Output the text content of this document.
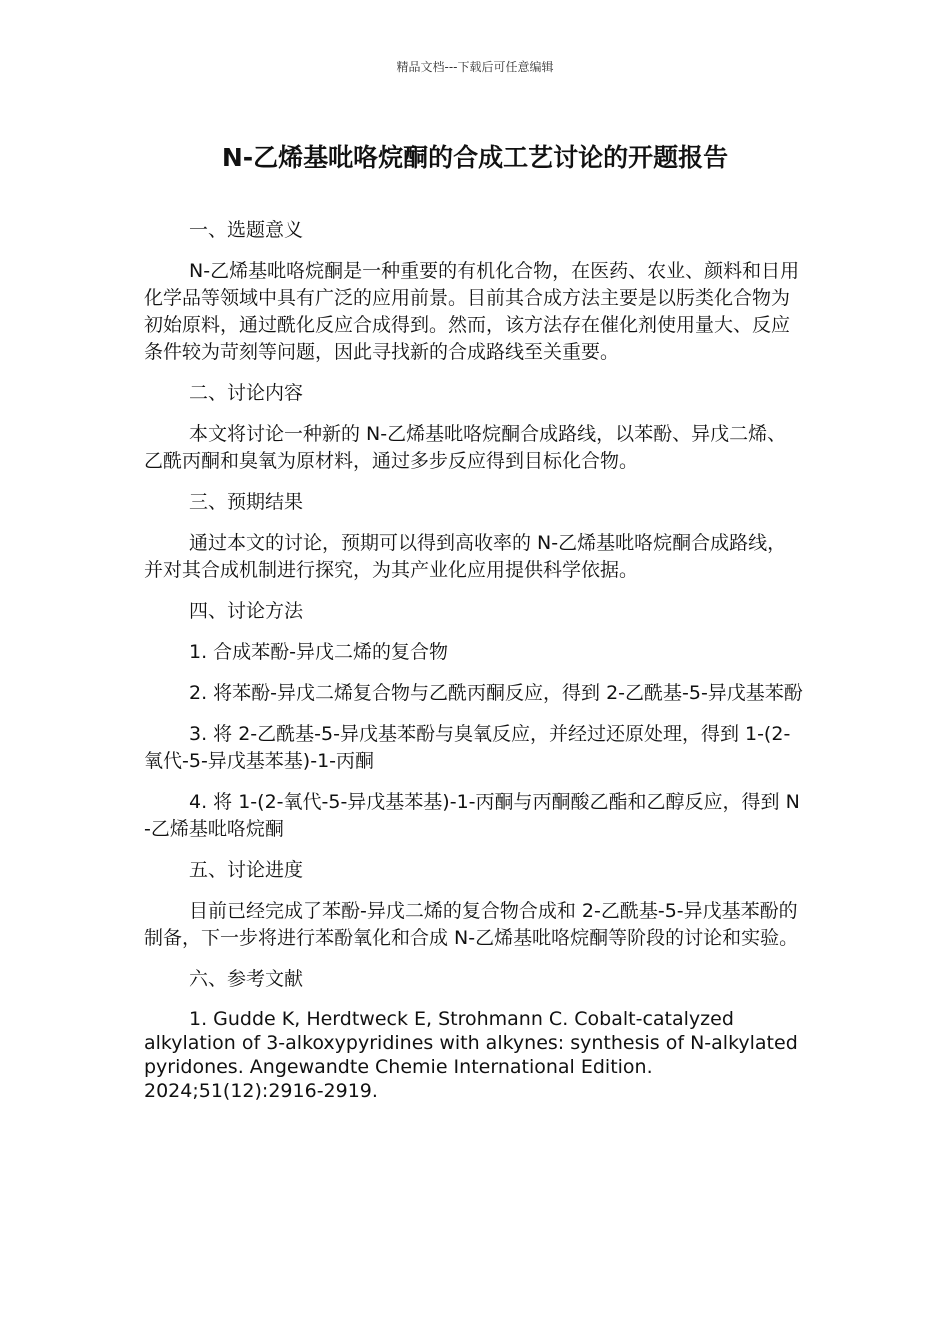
精品文档---下载后可任意编辑
N-乙烯基吡咯烷酮的合成工艺讨论的开题报告

一、选题意义

N-乙烯基吡咯烷酮是一种重要的有机化合物，在医药、农业、颜料和日用化学品等领域中具有广泛的应用前景。目前其合成方法主要是以肟类化合物为初始原料，通过酰化反应合成得到。然而，该方法存在催化剂使用量大、反应条件较为苛刻等问题，因此寻找新的合成路线至关重要。

二、讨论内容

本文将讨论一种新的 N-乙烯基吡咯烷酮合成路线，以苯酚、异戊二烯、乙酰丙酮和臭氧为原材料，通过多步反应得到目标化合物。

三、预期结果

通过本文的讨论，预期可以得到高收率的 N-乙烯基吡咯烷酮合成路线，并对其合成机制进行探究，为其产业化应用提供科学依据。

四、讨论方法

1. 合成苯酚-异戊二烯的复合物

2. 将苯酚-异戊二烯复合物与乙酰丙酮反应，得到 2-乙酰基-5-异戊基苯酚

3. 将 2-乙酰基-5-异戊基苯酚与臭氧反应，并经过还原处理，得到 1-(2-氧代-5-异戊基苯基)-1-丙酮

4. 将 1-(2-氧代-5-异戊基苯基)-1-丙酮与丙酮酸乙酯和乙醇反应，得到 N-乙烯基吡咯烷酮

五、讨论进度

目前已经完成了苯酚-异戊二烯的复合物合成和 2-乙酰基-5-异戊基苯酚的制备，下一步将进行苯酚氧化和合成 N-乙烯基吡咯烷酮等阶段的讨论和实验。

六、参考文献

1. Gudde K, Herdtweck E, Strohmann C. Cobalt-catalyzed alkylation of 3-alkoxypyridines with alkynes: synthesis of N-alkylated pyridones. Angewandte Chemie International Edition. 2024;51(12):2916-2919.
